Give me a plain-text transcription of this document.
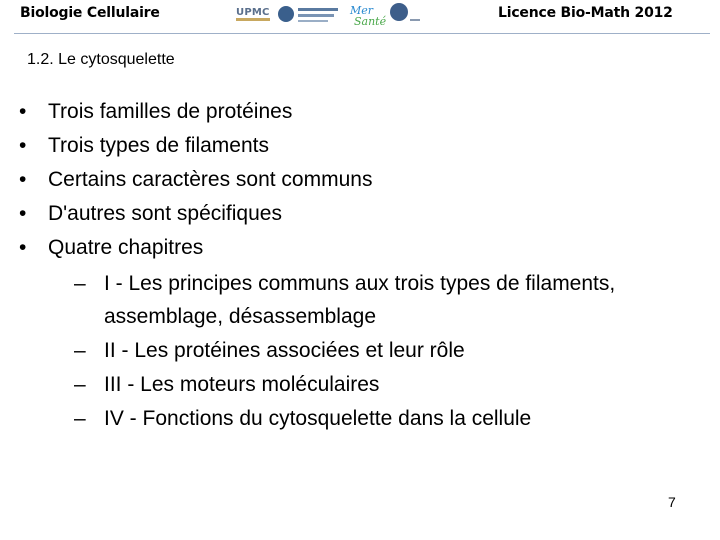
Biologie Cellulaire	UPMC	Mer
Santé
Licence Bio-Math 2012
1.2. Le cytosquelette
•	Trois familles de protéines
•	Trois types de filaments
•	Certains caractères sont communs
•	D'autres sont spécifiques
•	Quatre chapitres
– I - Les principes communs aux trois types de filaments,
assemblage, désassemblage
– II - Les protéines associées et leur rôle
– III - Les moteurs moléculaires
– IV - Fonctions du cytosquelette dans la cellule
7
